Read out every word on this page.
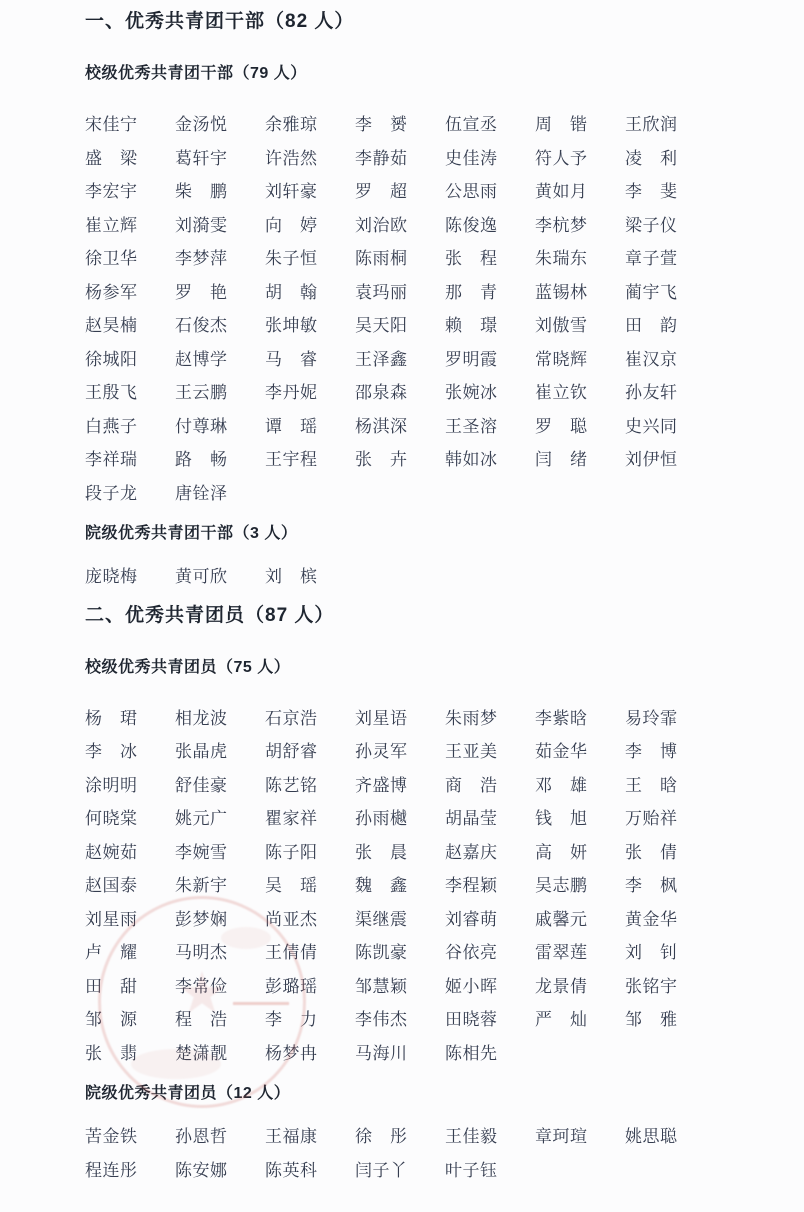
一、优秀共青团干部（82 人）
校级优秀共青团干部（79 人）
宋佳宁	金汤悦	余雅琼	李　赟	伍宣丞	周　锴	王欣润
盛　梁	葛轩宇	许浩然	李静茹	史佳涛	符人予	凌　利
李宏宇	柴　鹏	刘轩豪	罗　超	公思雨	黄如月	李　斐
崔立辉	刘漪雯	向　婷	刘治欧	陈俊逸	李杭梦	梁子仪
徐卫华	李梦萍	朱子恒	陈雨桐	张　程	朱瑞东	章子萱
杨参军	罗　艳	胡　翰	袁玛丽	那　青	蓝锡林	蔺宇飞
赵昊楠	石俊杰	张坤敏	吴天阳	赖　璟	刘傲雪	田　韵
徐城阳	赵博学	马　睿	王泽鑫	罗明霞	常晓辉	崔汉京
王殷飞	王云鹏	李丹妮	邵泉森	张婉冰	崔立钦	孙友轩
白燕子	付尊琳	谭　瑶	杨淇深	王圣溶	罗　聪	史兴同
李祥瑞	路　畅	王宇程	张　卉	韩如冰	闫　绪	刘伊恒
段子龙	唐铨泽
院级优秀共青团干部（3 人）
庞晓梅	黄可欣	刘　槟
二、优秀共青团员（87 人）
校级优秀共青团员（75 人）
杨　珺	相龙波	石京浩	刘星语	朱雨梦	李紫晗	易玲霏
李　冰	张晶虎	胡舒睿	孙灵军	王亚美	茹金华	李　博
涂明明	舒佳豪	陈艺铭	齐盛博	商　浩	邓　雄	王　晗
何晓棠	姚元广	瞿家祥	孙雨樾	胡晶莹	钱　旭	万贻祥
赵婉茹	李婉雪	陈子阳	张　晨	赵嘉庆	高　妍	张　倩
赵国泰	朱新宇	吴　瑶	魏　鑫	李程颖	吴志鹏	李　枫
刘星雨	彭梦娴	尚亚杰	渠继震	刘睿萌	戚馨元	黄金华
卢　耀	马明杰	王倩倩	陈凯豪	谷依亮	雷翠莲	刘　钊
田　甜	李常俭	彭璐瑶	邹慧颖	姬小晖	龙景倩	张铭宇
邹　源	程　浩	李　力	李伟杰	田晓蓉	严　灿	邹　雅
张　翡	楚潇靓	杨梦冉	马海川	陈相先
院级优秀共青团员（12 人）
苦金铁	孙恩哲	王福康	徐　彤	王佳毅	章珂瑄	姚思聪
程连彤	陈安娜	陈英科	闫子丫	叶子钰
